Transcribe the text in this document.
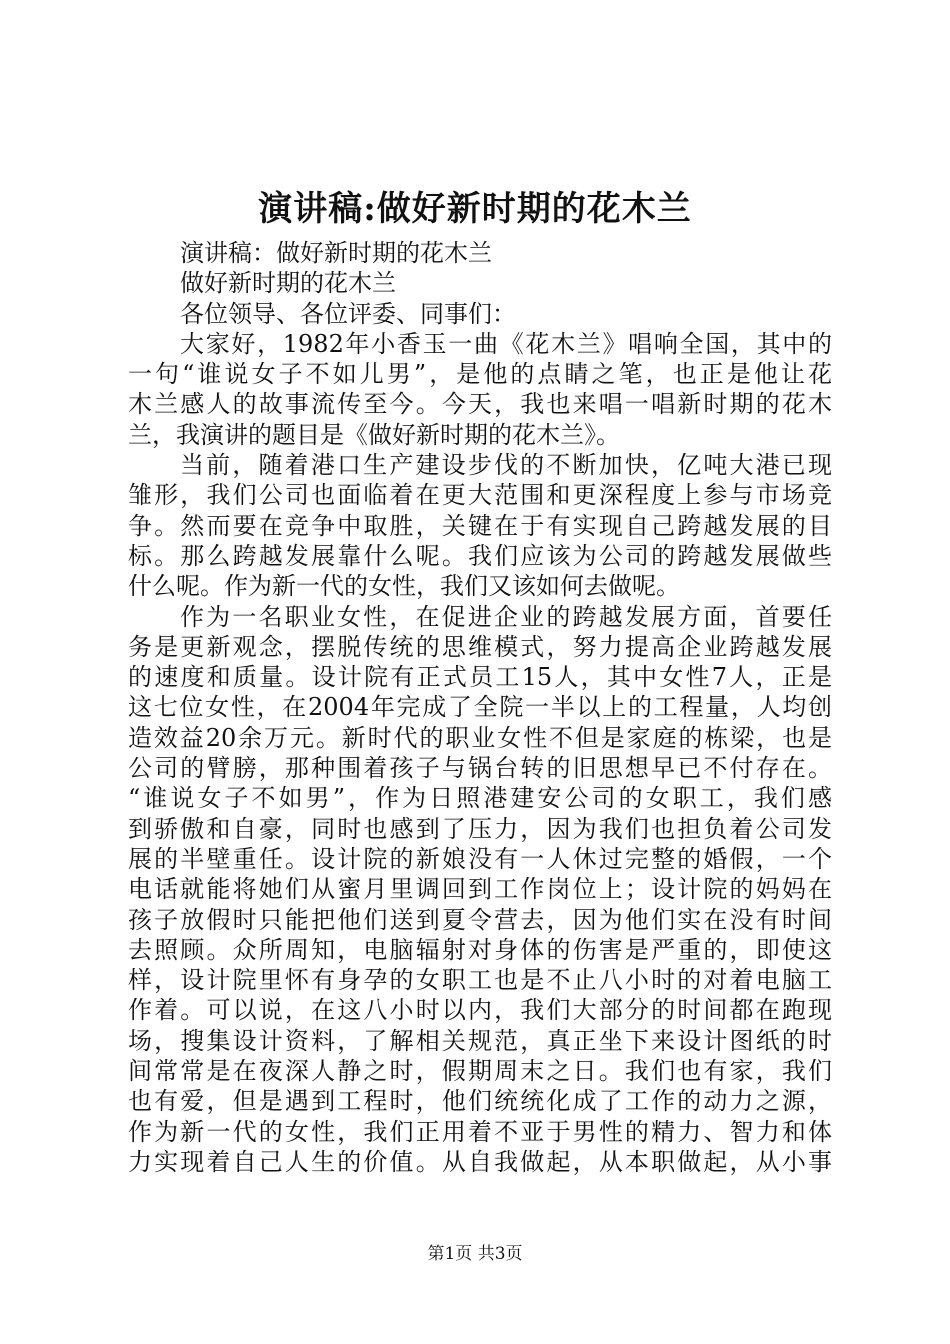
演讲稿:做好新时期的花木兰
演讲稿：做好新时期的花木兰
做好新时期的花木兰
各位领导、各位评委、同事们：
大家好，1982年小香玉一曲《花木兰》唱响全国，其中的
一句“谁说女子不如儿男”，是他的点睛之笔，也正是他让花
木兰感人的故事流传至今。今天，我也来唱一唱新时期的花木
兰，我演讲的题目是《做好新时期的花木兰》。
当前，随着港口生产建设步伐的不断加快，亿吨大港已现
雏形，我们公司也面临着在更大范围和更深程度上参与市场竞
争。然而要在竞争中取胜，关键在于有实现自己跨越发展的目
标。那么跨越发展靠什么呢。我们应该为公司的跨越发展做些
什么呢。作为新一代的女性，我们又该如何去做呢。
作为一名职业女性，在促进企业的跨越发展方面，首要任
务是更新观念，摆脱传统的思维模式，努力提高企业跨越发展
的速度和质量。设计院有正式员工15人，其中女性7人，正是
这七位女性，在2004年完成了全院一半以上的工程量，人均创
造效益20余万元。新时代的职业女性不但是家庭的栋梁，也是
公司的臂膀，那种围着孩子与锅台转的旧思想早已不付存在。
“谁说女子不如男”，作为日照港建安公司的女职工，我们感
到骄傲和自豪，同时也感到了压力，因为我们也担负着公司发
展的半壁重任。设计院的新娘没有一人休过完整的婚假，一个
电话就能将她们从蜜月里调回到工作岗位上；设计院的妈妈在
孩子放假时只能把他们送到夏令营去，因为他们实在没有时间
去照顾。众所周知，电脑辐射对身体的伤害是严重的，即使这
样，设计院里怀有身孕的女职工也是不止八小时的对着电脑工
作着。可以说，在这八小时以内，我们大部分的时间都在跑现
场，搜集设计资料，了解相关规范，真正坐下来设计图纸的时
间常常是在夜深人静之时，假期周末之日。我们也有家，我们
也有爱，但是遇到工程时，他们统统化成了工作的动力之源，
作为新一代的女性，我们正用着不亚于男性的精力、智力和体
力实现着自己人生的价值。从自我做起，从本职做起，从小事
第1页 共3页
